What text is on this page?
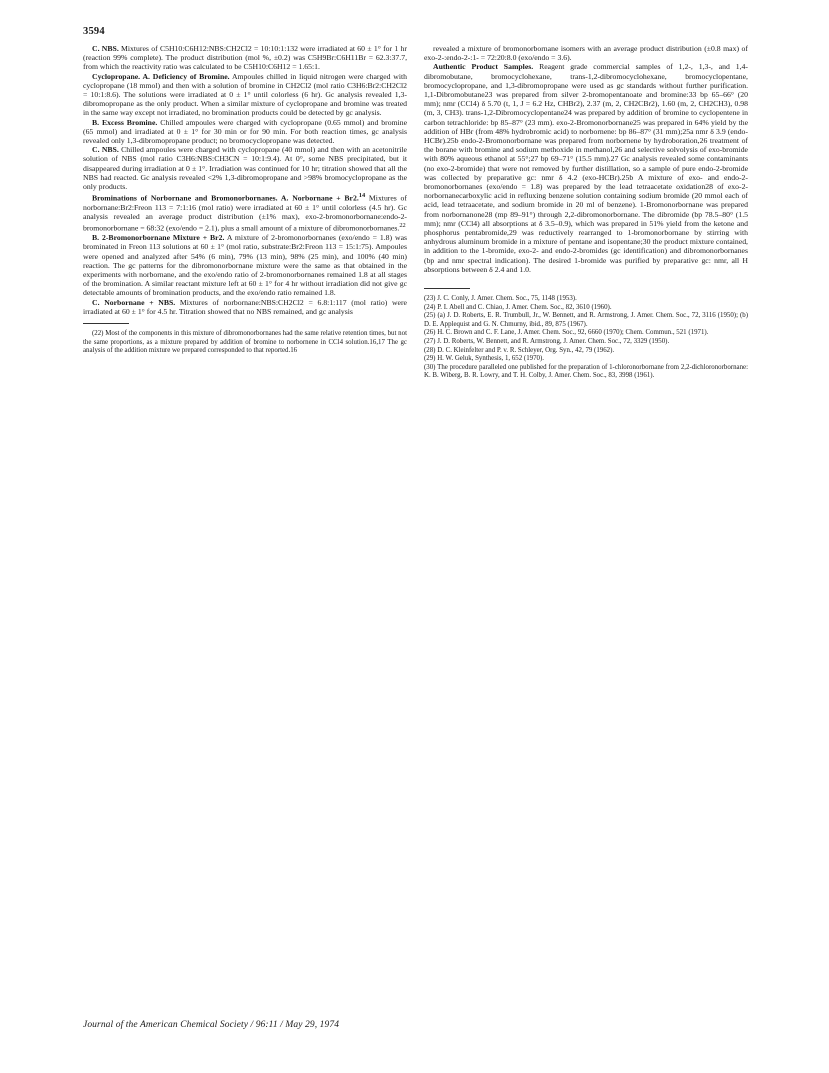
3594

C. NBS. Mixtures of C5H10:C6H12:NBS:CH2Cl2 = 10:10:1:132 were irradiated at 60 ± 1° for 1 hr (reaction 99% complete). The product distribution (mol %, ±0.2) was C5H9Br:C6H11Br = 62.3:37.7, from which the reactivity ratio was calculated to be C5H10:C6H12 = 1.65:1.

Cyclopropane. A. Deficiency of Bromine. Ampoules chilled in liquid nitrogen were charged with cyclopropane (18 mmol) and then with a solution of bromine in CH2Cl2 (mol ratio C3H6:Br2:CH2Cl2 = 10:1:8.6). The solutions were irradiated at 0 ± 1° until colorless (6 hr). Gc analysis revealed 1,3-dibromopropane as the only product. When a similar mixture of cyclopropane and bromine was treated in the same way except not irradiated, no bromination products could be detected by gc analysis.

B. Excess Bromine. Chilled ampoules were charged with cyclopropane (0.65 mmol) and bromine (65 mmol) and irradiated at 0 ± 1° for 30 min or for 90 min. For both reaction times, gc analysis revealed only 1,3-dibromopropane product; no bromocyclopropane was detected.

C. NBS. Chilled ampoules were charged with cyclopropane (40 mmol) and then with an acetonitrile solution of NBS (mol ratio C3H6:NBS:CH3CN = 10:1:9.4). At 0°, some NBS precipitated, but it disappeared during irradiation at 0 ± 1°. Irradiation was continued for 10 hr; titration showed that all the NBS had reacted. Gc analysis revealed <2% 1,3-dibromopropane and >98% bromocyclopropane as the only products.

Brominations of Norbornane and Bromonorbornanes. A. Norbornane + Br2.14 Mixtures of norbornane:Br2:Freon 113 = 7:1:16 (mol ratio) were irradiated at 60 ± 1° until colorless (4.5 hr). Gc analysis revealed an average product distribution (±1% max), exo-2-bromonorbornane:endo-2-bromonorbornane = 68:32 (exo/endo = 2.1), plus a small amount of a mixture of dibromonorbornanes.$^{22}$

B. 2-Bromonorbornane Mixture + Br2. A mixture of 2-bromonorbornanes (exo/endo = 1.8) was brominated in Freon 113 solutions at 60 ± 1° (mol ratio, substrate:Br2:Freon 113 = 15:1:75). Ampoules were opened and analyzed after 54% (6 min), 79% (13 min), 98% (25 min), and 100% (40 min) reaction. The gc patterns for the dibromonorbornane mixture were the same as that obtained in the experiments with norbornane, and the exo/endo ratio of 2-bromonorbornanes remained 1.8 at all stages of the bromination. A similar reactant mixture left at 60 ± 1° for 4 hr without irradiation did not give gc detectable amounts of bromination products, and the exo/endo ratio remained 1.8.

C. Norbornane + NBS. Mixtures of norbornane:NBS:CH2Cl2 = 6.8:1:117 (mol ratio) were irradiated at 60 ± 1° for 4.5 hr. Titration showed that no NBS remained, and gc analysis

(22) Most of the components in this mixture of dibromonorbornanes had the same relative retention times, but not the same proportions, as a mixture prepared by addition of bromine to norbornene in CCl4 solution.16,17 The gc analysis of the addition mixture we prepared corresponded to that reported.16

revealed a mixture of bromonorbornane isomers with an average product distribution (±0.8 max) of exo-2-:endo-2-:1- = 72:20:8.0 (exo/endo = 3.6).

Authentic Product Samples. Reagent grade commercial samples of 1,2-, 1,3-, and 1,4-dibromobutane, bromocyclohexane, trans-1,2-dibromocyclohexane, bromocyclopentane, bromocyclopropane, and 1,3-dibromopropane were used as gc standards without further purification. 1,1-Dibromobutane23 was prepared from silver 2-bromopentanoate and bromine:33 bp 65–66° (20 mm); nmr (CCl4) δ 5.70 (t, 1, J = 6.2 Hz, CHBr2), 2.37 (m, 2, CH2CBr2), 1.60 (m, 2, CH2CH3), 0.98 (m, 3, CH3). trans-1,2-Dibromocyclopentane24 was prepared by addition of bromine to cyclopentene in carbon tetrachloride: bp 85–87° (23 mm). exo-2-Bromonorbornane25 was prepared in 64% yield by the addition of HBr (from 48% hydrobromic acid) to norbornene: bp 86–87° (31 mm);25a nmr δ 3.9 (endo-HCBr).25b endo-2-Bromonorbornane was prepared from norbornene by hydroboration,26 treatment of the borane with bromine and sodium methoxide in methanol,26 and selective solvolysis of exo-bromide with 80% aqueous ethanol at 55°;27 bp 69–71° (15.5 mm).27 Gc analysis revealed some contaminants (no exo-2-bromide) that were not removed by further distillation, so a sample of pure endo-2-bromide was collected by preparative gc: nmr δ 4.2 (exo-HCBr).25b A mixture of exo- and endo-2-bromonorbornanes (exo/endo = 1.8) was prepared by the lead tetraacetate oxidation28 of exo-2-norbornanecarboxylic acid in refluxing benzene solution containing sodium bromide (20 mmol each of acid, lead tetraacetate, and sodium bromide in 20 ml of benzene). 1-Bromonorbornane was prepared from norbornanone28 (mp 89–91°) through 2,2-dibromonorbornane. The dibromide (bp 78.5–80° (1.5 mm); nmr (CCl4) all absorptions at δ 3.5–0.9), which was prepared in 51% yield from the ketone and phosphorus pentabromide,29 was reductively rearranged to 1-bromonorbornane by stirring with anhydrous aluminum bromide in a mixture of pentane and isopentane;30 the product mixture contained, in addition to the 1-bromide, exo-2- and endo-2-bromides (gc identification) and dibromonorbornanes (bp and nmr spectral indication). The desired 1-bromide was purified by preparative gc: nmr, all H absorptions between δ 2.4 and 1.0.

(23) J. C. Conly, J. Amer. Chem. Soc., 75, 1148 (1953).

(24) P. I. Abell and C. Chiao, J. Amer. Chem. Soc., 82, 3610 (1960).

(25) (a) J. D. Roberts, E. R. Trumbull, Jr., W. Bennett, and R. Armstrong, J. Amer. Chem. Soc., 72, 3116 (1950); (b) D. E. Applequist and G. N. Chmurny, ibid., 89, 875 (1967).

(26) H. C. Brown and C. F. Lane, J. Amer. Chem. Soc., 92, 6660 (1970); Chem. Commun., 521 (1971).

(27) J. D. Roberts, W. Bennett, and R. Armstrong, J. Amer. Chem. Soc., 72, 3329 (1950).

(28) D. C. Kleinfelter and P. v. R. Schleyer, Org. Syn., 42, 79 (1962).

(29) H. W. Geluk, Synthesis, 1, 652 (1970).

(30) The procedure paralleled one published for the preparation of 1-chloronorbornane from 2,2-dichloronorbornane: K. B. Wiberg, B. R. Lowry, and T. H. Colby, J. Amer. Chem. Soc., 83, 3998 (1961).

Journal of the American Chemical Society / 96:11 / May 29, 1974
